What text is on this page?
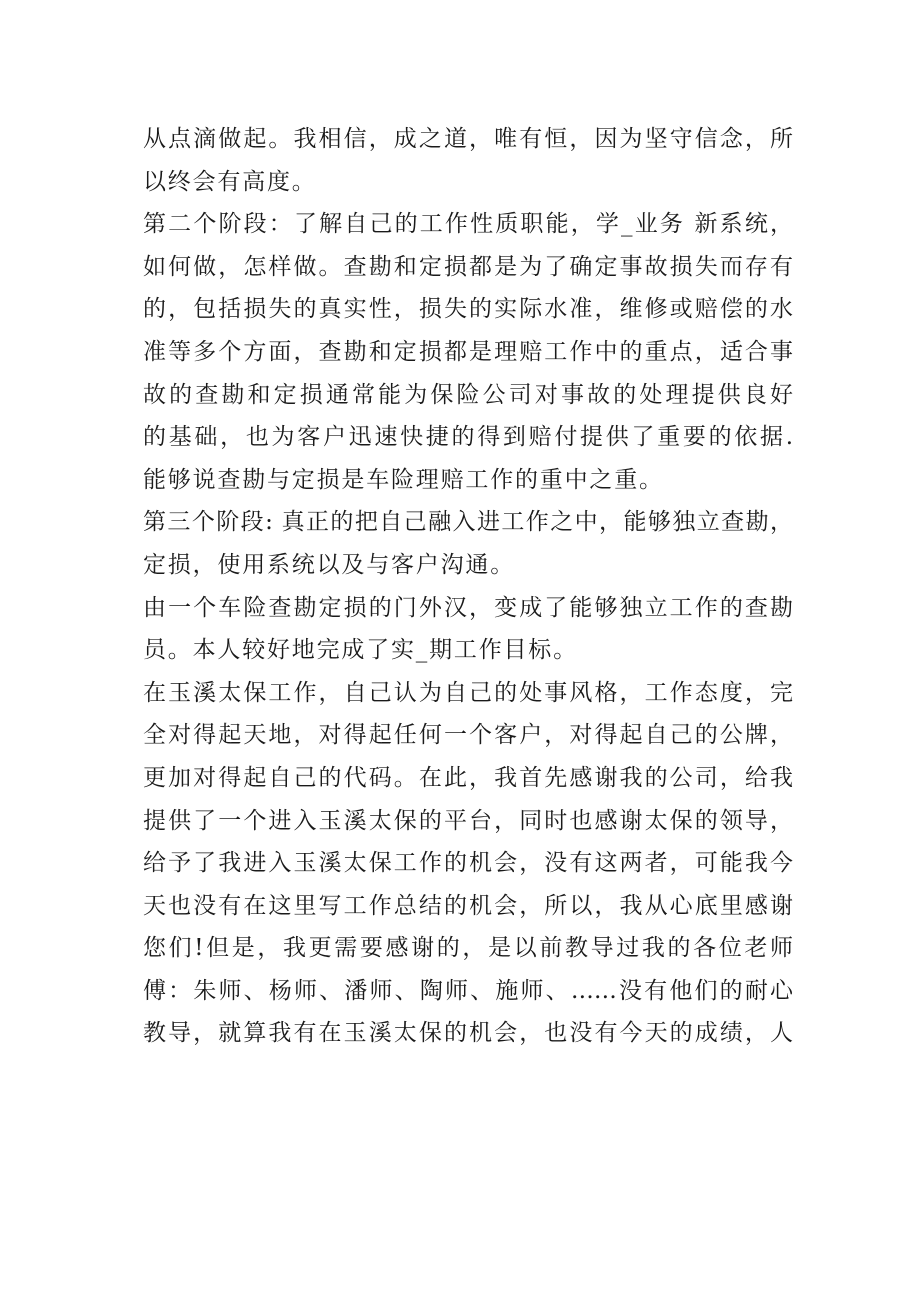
从点滴做起。我相信，成之道，唯有恒，因为坚守信念，所
以终会有高度。
第二个阶段：了解自己的工作性质职能，学_业务 新系统，
如何做，怎样做。查勘和定损都是为了确定事故损失而存有
的，包括损失的真实性，损失的实际水准，维修或赔偿的水
准等多个方面，查勘和定损都是理赔工作中的重点，适合事
故的查勘和定损通常能为保险公司对事故的处理提供良好
的基础，也为客户迅速快捷的得到赔付提供了重要的依据.
能够说查勘与定损是车险理赔工作的重中之重。
第三个阶段: 真正的把自己融入进工作之中，能够独立查勘，
定损，使用系统以及与客户沟通。
由一个车险查勘定损的门外汉，变成了能够独立工作的查勘
员。本人较好地完成了实_期工作目标。
在玉溪太保工作，自己认为自己的处事风格，工作态度，完
全对得起天地，对得起任何一个客户，对得起自己的公牌，
更加对得起自己的代码。在此，我首先感谢我的公司，给我
提供了一个进入玉溪太保的平台，同时也感谢太保的领导，
给予了我进入玉溪太保工作的机会，没有这两者，可能我今
天也没有在这里写工作总结的机会，所以，我从心底里感谢
您们!但是，我更需要感谢的，是以前教导过我的各位老师
傅：朱师、杨师、潘师、陶师、施师、……没有他们的耐心
教导，就算我有在玉溪太保的机会，也没有今天的成绩，人
